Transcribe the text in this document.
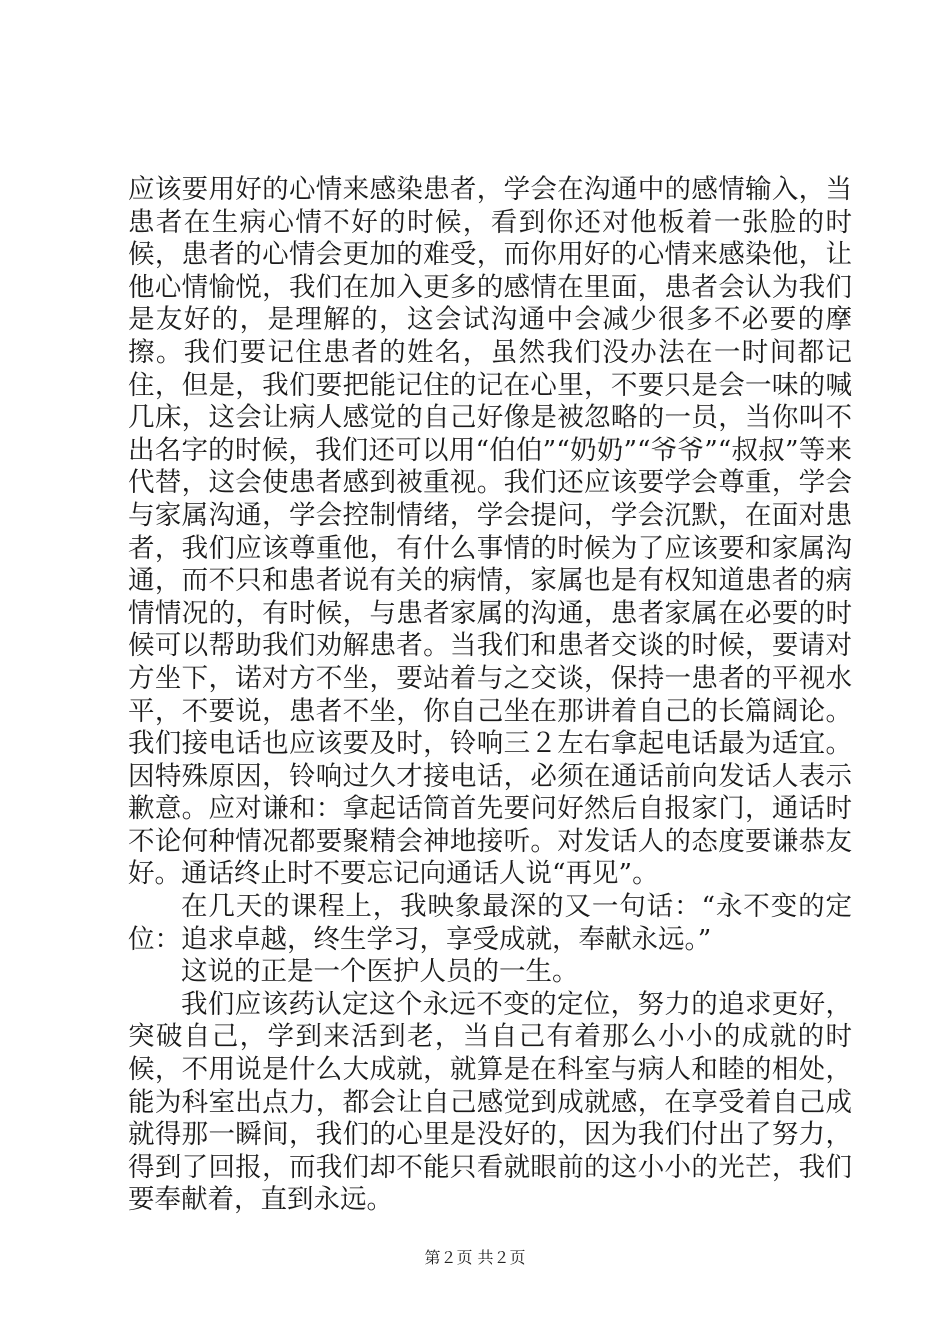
应该要用好的心情来感染患者，学会在沟通中的感情输入，当患者在生病心情不好的时候，看到你还对他板着一张脸的时候，患者的心情会更加的难受，而你用好的心情来感染他，让他心情愉悦，我们在加入更多的感情在里面，患者会认为我们是友好的，是理解的，这会试沟通中会减少很多不必要的摩擦。我们要记住患者的姓名，虽然我们没办法在一时间都记住，但是，我们要把能记住的记在心里，不要只是会一味的喊几床，这会让病人感觉的自己好像是被忽略的一员，当你叫不出名字的时候，我们还可以用“伯伯”“奶奶”“爷爷”“叔叔”等来代替，这会使患者感到被重视。我们还应该要学会尊重，学会与家属沟通，学会控制情绪，学会提问，学会沉默，在面对患者，我们应该尊重他，有什么事情的时候为了应该要和家属沟通，而不只和患者说有关的病情，家属也是有权知道患者的病情情况的，有时候，与患者家属的沟通，患者家属在必要的时候可以帮助我们劝解患者。当我们和患者交谈的时候，要请对方坐下，诺对方不坐，要站着与之交谈，保持一患者的平视水平，不要说，患者不坐，你自己坐在那讲着自己的长篇阔论。我们接电话也应该要及时，铃响三２左右拿起电话最为适宜。因特殊原因，铃响过久才接电话，必须在通话前向发话人表示歉意。应对谦和：拿起话筒首先要问好然后自报家门，通话时不论何种情况都要聚精会神地接听。对发话人的态度要谦恭友好。通话终止时不要忘记向通话人说“再见”。

在几天的课程上，我映象最深的又一句话：“永不变的定位：追求卓越，终生学习，享受成就，奉献永远。”

这说的正是一个医护人员的一生。

我们应该药认定这个永远不变的定位，努力的追求更好，突破自己，学到来活到老，当自己有着那么小小的成就的时候，不用说是什么大成就，就算是在科室与病人和睦的相处，能为科室出点力，都会让自己感觉到成就感，在享受着自己成就得那一瞬间，我们的心里是没好的，因为我们付出了努力，得到了回报，而我们却不能只看就眼前的这小小的光芒，我们要奉献着，直到永远。

第２页 共２页
